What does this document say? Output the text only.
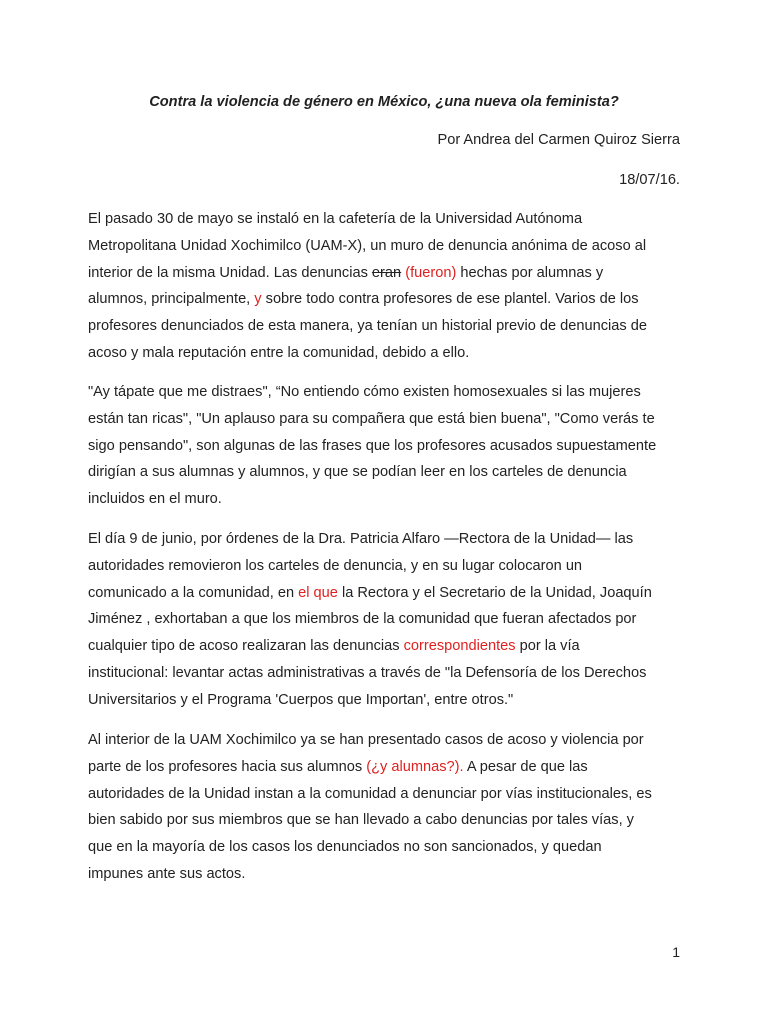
Contra la violencia de género en México, ¿una nueva ola feminista?
Por Andrea del Carmen Quiroz Sierra
18/07/16.

El pasado 30 de mayo se instaló en la cafetería de la Universidad Autónoma
Metropolitana Unidad Xochimilco (UAM-X), un muro de denuncia anónima de acoso al
interior de la misma Unidad. Las denuncias eran (fueron) hechas por alumnas y
alumnos, principalmente, y sobre todo contra profesores de ese plantel. Varios de los
profesores denunciados de esta manera, ya tenían un historial previo de denuncias de
acoso y mala reputación entre la comunidad, debido a ello.

"Ay tápate que me distraes", “No entiendo cómo existen homosexuales si las mujeres
están tan ricas", "Un aplauso para su compañera que está bien buena", "Como verás te
sigo pensando", son algunas de las frases que los profesores acusados supuestamente
dirigían a sus alumnas y alumnos, y que se podían leer en los carteles de denuncia
incluidos en el muro.

El día 9 de junio, por órdenes de la Dra. Patricia Alfaro —Rectora de la Unidad— las
autoridades removieron los carteles de denuncia, y en su lugar colocaron un
comunicado a la comunidad, en el que la Rectora y el Secretario de la Unidad, Joaquín
Jiménez , exhortaban a que los miembros de la comunidad que fueran afectados por
cualquier tipo de acoso realizaran las denuncias correspondientes por la vía
institucional: levantar actas administrativas a través de "la Defensoría de los Derechos
Universitarios y el Programa 'Cuerpos que Importan', entre otros."

Al interior de la UAM Xochimilco ya se han presentado casos de acoso y violencia por
parte de los profesores hacia sus alumnos (¿y alumnas?). A pesar de que las
autoridades de la Unidad instan a la comunidad a denunciar por vías institucionales, es
bien sabido por sus miembros que se han llevado a cabo denuncias por tales vías, y
que en la mayoría de los casos los denunciados no son sancionados, y quedan
impunes ante sus actos.

1
